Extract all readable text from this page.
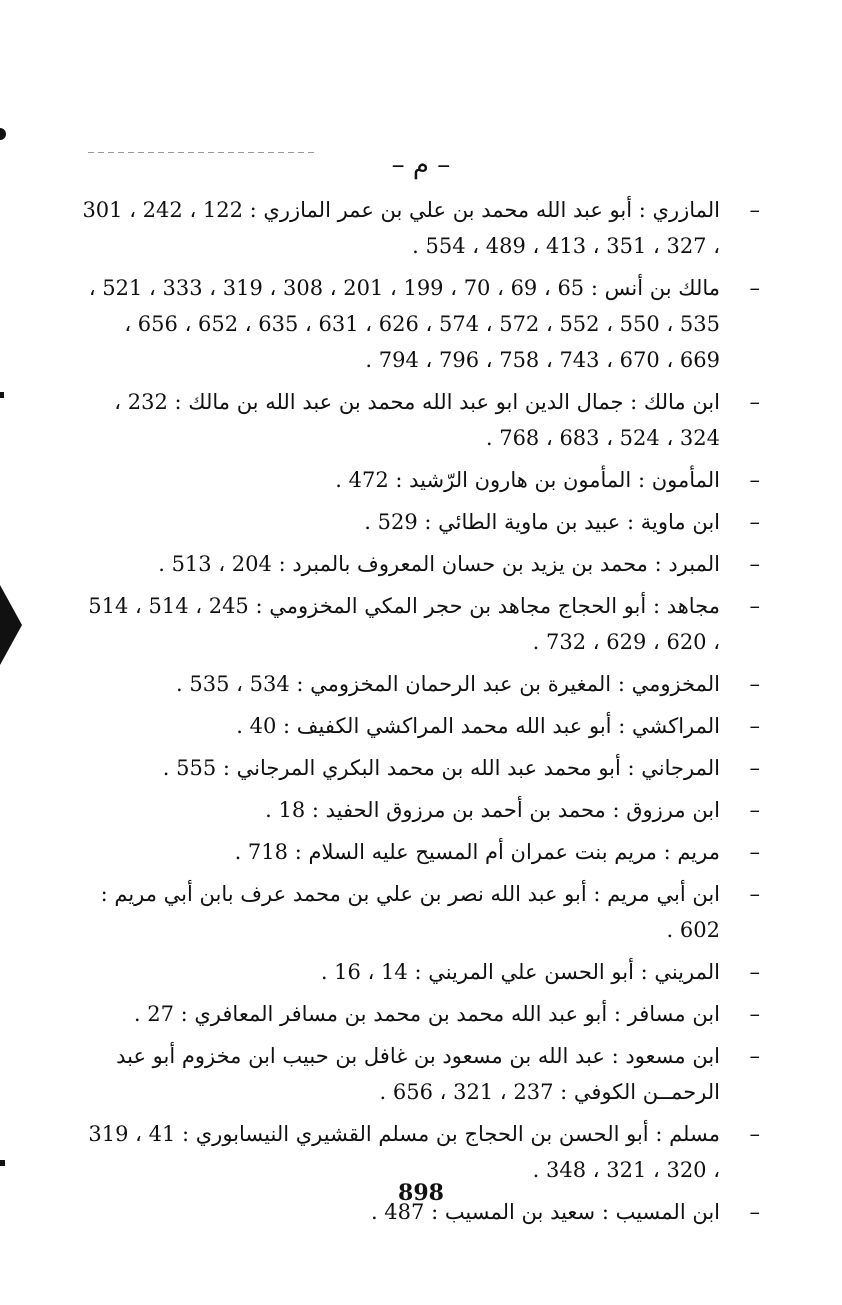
– م –
–
المازري : أبو عبد الله محمد بن علي بن عمر المازري : 122 ، 242 ، 301 ، 327 ، 351 ، 413 ، 489 ، 554 .
–
مالك بن أنس : 65 ، 69 ، 70 ، 199 ، 201 ، 308 ، 319 ، 333 ، 521 ، 535 ، 550 ، 552 ، 572 ، 574 ، 626 ، 631 ، 635 ، 652 ، 656 ، 669 ، 670 ، 743 ، 758 ، 796 ، 794 .
–
ابن مالك : جمال الدين ابو عبد الله محمد بن عبد الله بن مالك : 232 ، 324 ، 524 ، 683 ، 768 .
–
المأمون : المأمون بن هارون الرّشيد : 472 .
–
ابن ماوية : عبيد بن ماوية الطائي : 529 .
–
المبرد : محمد بن يزيد بن حسان المعروف بالمبرد : 204 ، 513 .
–
مجاهد : أبو الحجاج مجاهد بن حجر المكي المخزومي : 245 ، 514 ، 514 ، 620 ، 629 ، 732 .
–
المخزومي : المغيرة بن عبد الرحمان المخزومي : 534 ، 535 .
–
المراكشي : أبو عبد الله محمد المراكشي الكفيف : 40 .
–
المرجاني : أبو محمد عبد الله بن محمد البكري المرجاني : 555 .
–
ابن مرزوق : محمد بن أحمد بن مرزوق الحفيد : 18 .
–
مريم : مريم بنت عمران أم المسيح عليه السلام : 718 .
–
ابن أبي مريم : أبو عبد الله نصر بن علي بن محمد عرف بابن أبي مريم : 602 .
–
المريني : أبو الحسن علي المريني : 14 ، 16 .
–
ابن مسافر : أبو عبد الله محمد بن محمد بن مسافر المعافري : 27 .
–
ابن مسعود : عبد الله بن مسعود بن غافل بن حبيب ابن مخزوم أبو عبد الرحمــن الكوفي : 237 ، 321 ، 656 .
–
مسلم : أبو الحسن بن الحجاج بن مسلم القشيري النيسابوري : 41 ، 319 ، 320 ، 321 ، 348 .
–
ابن المسيب : سعيد بن المسيب : 487 .
898
